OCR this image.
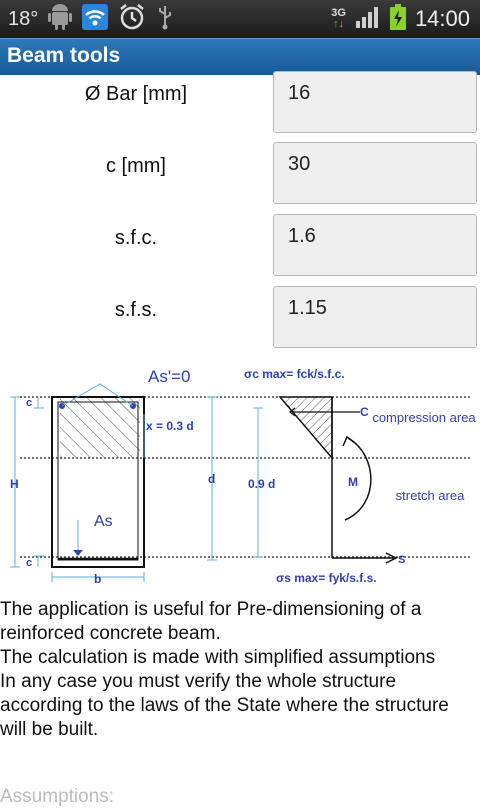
18°	3G
↑↓	14:00
Beam tools
Ø Bar [mm]	16
c [mm]	30
s.f.c.	1.6
s.f.s.	1.15
As'=0	σc max= fck/s.f.c.
c
c
x = 0.3 d
H	d	0.9 d
As
b
C
M
S
σs max= fyk/s.f.s.
compression area
stretch area

The application is useful for Pre-dimensioning of a reinforced concrete beam.

The calculation is made with simplified assumptions

In any case you must verify the whole structure according to the laws of the State where the structure will be built.

Assumptions:
